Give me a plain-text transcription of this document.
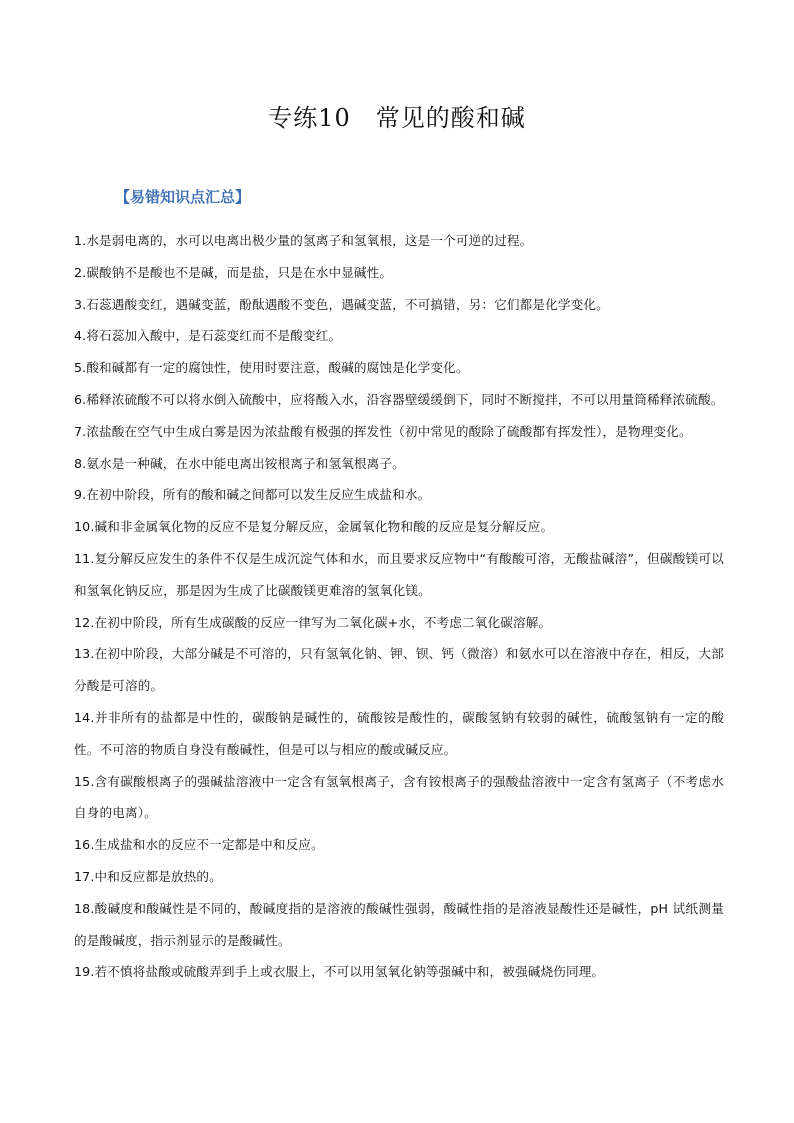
专练10　常见的酸和碱
【易错知识点汇总】

1.水是弱电离的，水可以电离出极少量的氢离子和氢氧根，这是一个可逆的过程。

2.碳酸钠不是酸也不是碱，而是盐，只是在水中显碱性。

3.石蕊遇酸变红，遇碱变蓝，酚酞遇酸不变色，遇碱变蓝，不可搞错，另：它们都是化学变化。

4.将石蕊加入酸中，是石蕊变红而不是酸变红。

5.酸和碱都有一定的腐蚀性，使用时要注意，酸碱的腐蚀是化学变化。

6.稀释浓硫酸不可以将水倒入硫酸中，应将酸入水，沿容器壁缓缓倒下，同时不断搅拌，不可以用量筒稀释浓硫酸。

7.浓盐酸在空气中生成白雾是因为浓盐酸有极强的挥发性（初中常见的酸除了硫酸都有挥发性），是物理变化。

8.氨水是一种碱，在水中能电离出铵根离子和氢氧根离子。

9.在初中阶段，所有的酸和碱之间都可以发生反应生成盐和水。

10.碱和非金属氧化物的反应不是复分解反应，金属氧化物和酸的反应是复分解反应。

11.复分解反应发生的条件不仅是生成沉淀气体和水，而且要求反应物中“有酸酸可溶，无酸盐碱溶”，但碳酸镁可以和氢氧化钠反应，那是因为生成了比碳酸镁更难溶的氢氧化镁。

12.在初中阶段，所有生成碳酸的反应一律写为二氧化碳+水，不考虑二氧化碳溶解。

13.在初中阶段，大部分碱是不可溶的，只有氢氧化钠、钾、钡、钙（微溶）和氨水可以在溶液中存在，相反，大部分酸是可溶的。

14.并非所有的盐都是中性的，碳酸钠是碱性的，硫酸铵是酸性的，碳酸氢钠有较弱的碱性，硫酸氢钠有一定的酸性。不可溶的物质自身没有酸碱性，但是可以与相应的酸或碱反应。

15.含有碳酸根离子的强碱盐溶液中一定含有氢氧根离子，含有铵根离子的强酸盐溶液中一定含有氢离子（不考虑水自身的电离）。

16.生成盐和水的反应不一定都是中和反应。

17.中和反应都是放热的。

18.酸碱度和酸碱性是不同的，酸碱度指的是溶液的酸碱性强弱，酸碱性指的是溶液显酸性还是碱性，pH 试纸测量的是酸碱度，指示剂显示的是酸碱性。

19.若不慎将盐酸或硫酸弄到手上或衣服上，不可以用氢氧化钠等强碱中和，被强碱烧伤同理。
